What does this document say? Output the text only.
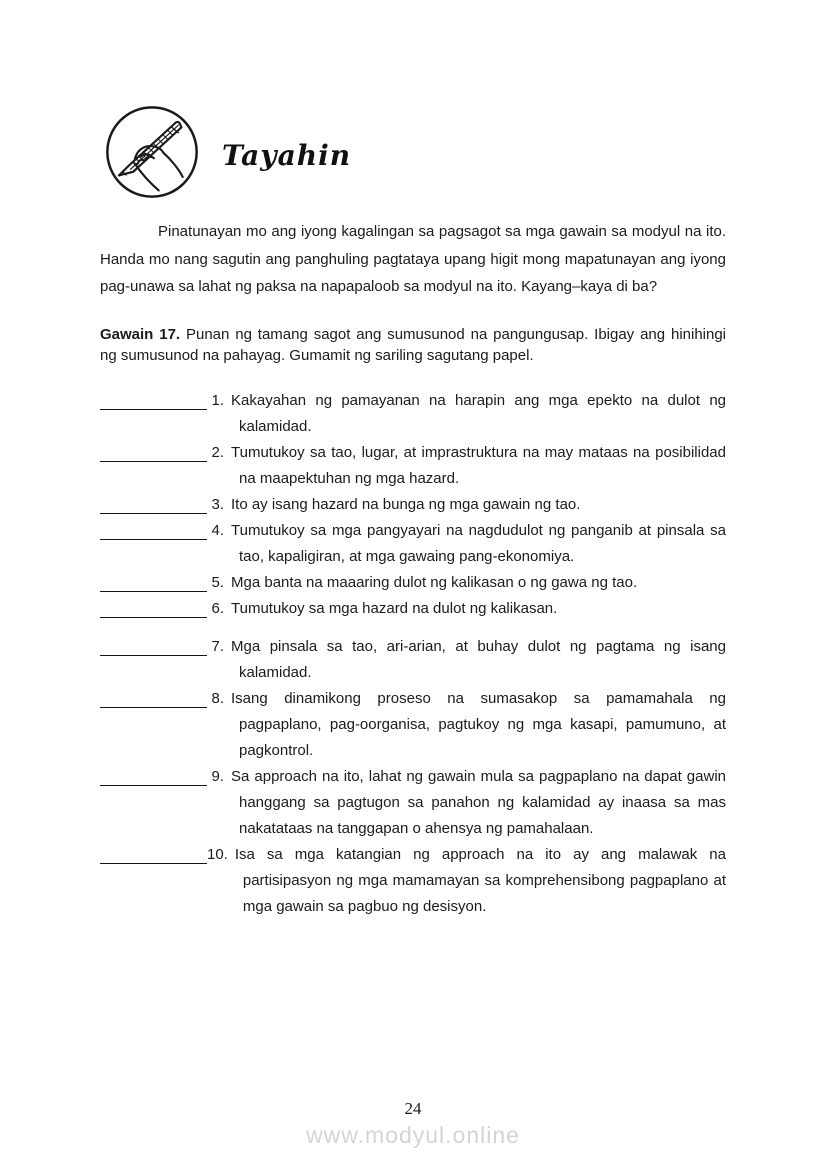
Tayahin

Pinatunayan mo ang iyong kagalingan sa pagsagot sa mga gawain sa modyul na ito. Handa mo nang sagutin ang panghuling pagtataya upang higit mong mapatunayan ang iyong pag-unawa sa lahat ng paksa na napapaloob sa modyul na ito. Kayang–kaya di ba?

Gawain 17. Punan ng tamang sagot ang sumusunod na pangungusap. Ibigay ang hinihingi ng sumusunod na pahayag. Gumamit ng sariling sagutang papel.

1. Kakayahan ng pamayanan na harapin ang mga epekto na dulot ng kalamidad.
2. Tumutukoy sa tao, lugar, at imprastruktura na may mataas na posibilidad na maapektuhan ng mga hazard.
3. Ito ay isang hazard na bunga ng mga gawain ng tao.
4. Tumutukoy sa mga pangyayari na nagdudulot ng panganib at pinsala sa tao, kapaligiran, at mga gawaing pang-ekonomiya.
5. Mga banta na maaaring dulot ng kalikasan o ng gawa ng tao.
6. Tumutukoy sa mga hazard na dulot ng kalikasan.
7. Mga pinsala sa tao, ari-arian, at buhay dulot ng pagtama ng isang kalamidad.
8. Isang dinamikong proseso na sumasakop sa pamamahala ng pagpaplano, pag-oorganisa, pagtukoy ng mga kasapi, pamumuno, at pagkontrol.
9. Sa approach na ito, lahat ng gawain mula sa pagpaplano na dapat gawin hanggang sa pagtugon sa panahon ng kalamidad ay inaasa sa mas nakatataas na tanggapan o ahensya ng pamahalaan.
10. Isa sa mga katangian ng approach na ito ay ang malawak na partisipasyon ng mga mamamayan sa komprehensibong pagpaplano at mga gawain sa pagbuo ng desisyon.
24
www.modyul.online
